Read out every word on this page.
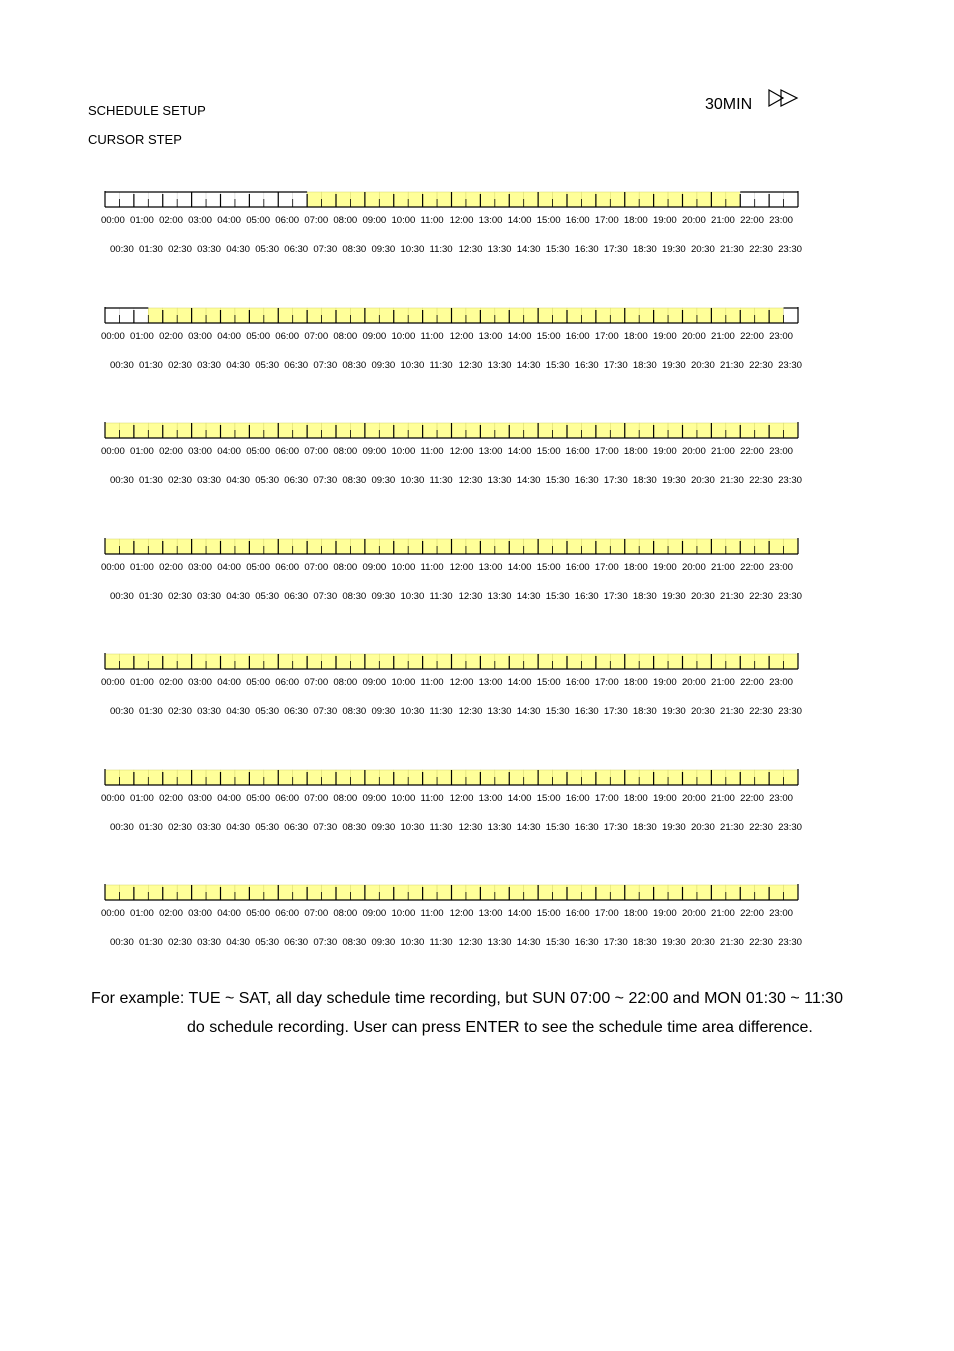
SCHEDULE SETUP
CURSOR STEP
30MIN
00:00 01:00 02:00 03:00 04:00 05:00 06:00 07:00 08:00 09:00 10:00 11:00 12:00 13:00 14:00 15:00 16:00 17:00 18:00 19:00 20:00 21:00 22:00 23:00
00:30 01:30 02:30 03:30 04:30 05:30 06:30 07:30 08:30 09:30 10:30 11:30 12:30 13:30 14:30 15:30 16:30 17:30 18:30 19:30 20:30 21:30 22:30 23:30
00:00 01:00 02:00 03:00 04:00 05:00 06:00 07:00 08:00 09:00 10:00 11:00 12:00 13:00 14:00 15:00 16:00 17:00 18:00 19:00 20:00 21:00 22:00 23:00
00:30 01:30 02:30 03:30 04:30 05:30 06:30 07:30 08:30 09:30 10:30 11:30 12:30 13:30 14:30 15:30 16:30 17:30 18:30 19:30 20:30 21:30 22:30 23:30
00:00 01:00 02:00 03:00 04:00 05:00 06:00 07:00 08:00 09:00 10:00 11:00 12:00 13:00 14:00 15:00 16:00 17:00 18:00 19:00 20:00 21:00 22:00 23:00
00:30 01:30 02:30 03:30 04:30 05:30 06:30 07:30 08:30 09:30 10:30 11:30 12:30 13:30 14:30 15:30 16:30 17:30 18:30 19:30 20:30 21:30 22:30 23:30
00:00 01:00 02:00 03:00 04:00 05:00 06:00 07:00 08:00 09:00 10:00 11:00 12:00 13:00 14:00 15:00 16:00 17:00 18:00 19:00 20:00 21:00 22:00 23:00
00:30 01:30 02:30 03:30 04:30 05:30 06:30 07:30 08:30 09:30 10:30 11:30 12:30 13:30 14:30 15:30 16:30 17:30 18:30 19:30 20:30 21:30 22:30 23:30
00:00 01:00 02:00 03:00 04:00 05:00 06:00 07:00 08:00 09:00 10:00 11:00 12:00 13:00 14:00 15:00 16:00 17:00 18:00 19:00 20:00 21:00 22:00 23:00
00:30 01:30 02:30 03:30 04:30 05:30 06:30 07:30 08:30 09:30 10:30 11:30 12:30 13:30 14:30 15:30 16:30 17:30 18:30 19:30 20:30 21:30 22:30 23:30
00:00 01:00 02:00 03:00 04:00 05:00 06:00 07:00 08:00 09:00 10:00 11:00 12:00 13:00 14:00 15:00 16:00 17:00 18:00 19:00 20:00 21:00 22:00 23:00
00:30 01:30 02:30 03:30 04:30 05:30 06:30 07:30 08:30 09:30 10:30 11:30 12:30 13:30 14:30 15:30 16:30 17:30 18:30 19:30 20:30 21:30 22:30 23:30
00:00 01:00 02:00 03:00 04:00 05:00 06:00 07:00 08:00 09:00 10:00 11:00 12:00 13:00 14:00 15:00 16:00 17:00 18:00 19:00 20:00 21:00 22:00 23:00
00:30 01:30 02:30 03:30 04:30 05:30 06:30 07:30 08:30 09:30 10:30 11:30 12:30 13:30 14:30 15:30 16:30 17:30 18:30 19:30 20:30 21:30 22:30 23:30
For example: TUE ~ SAT, all day schedule time recording, but SUN 07:00 ~ 22:00 and MON 01:30 ~ 11:30
do schedule recording. User can press ENTER to see the schedule time area difference.
